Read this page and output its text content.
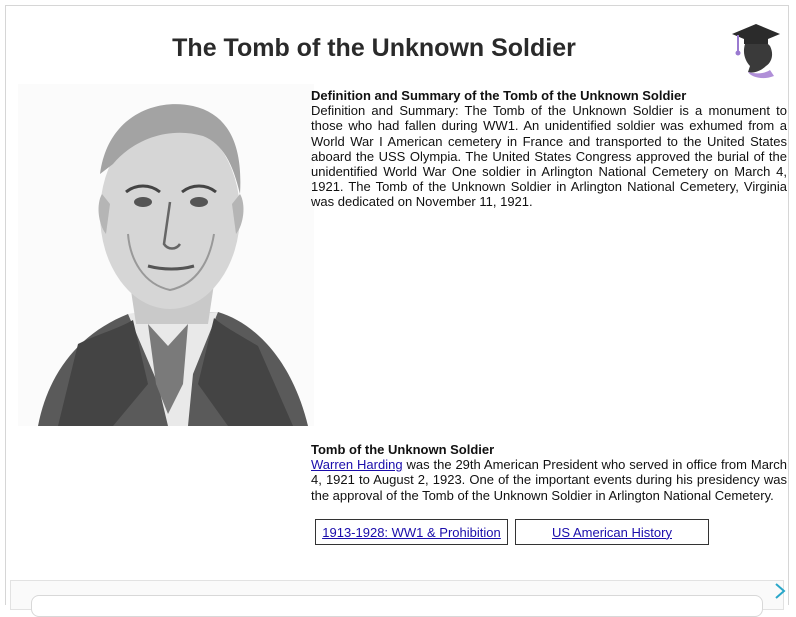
The Tomb of the Unknown Soldier
Definition and Summary of the Tomb of the Unknown Soldier

Definition and Summary: The Tomb of the Unknown Soldier is a monument to those who had fallen during WW1. An unidentified soldier was exhumed from a World War I American cemetery in France and transported to the United States aboard the USS Olympia. The United States Congress approved the burial of the unidentified World War One soldier in Arlington National Cemetery on March 4, 1921. The Tomb of the Unknown Soldier in Arlington National Cemetery, Virginia was dedicated on November 11, 1921.

Tomb of the Unknown Soldier

Warren Harding was the 29th American President who served in office from March 4, 1921 to August 2, 1923. One of the important events during his presidency was the approval of the Tomb of the Unknown Soldier in Arlington National Cemetery.

1913-1928: WW1 & Prohibition	US American History
